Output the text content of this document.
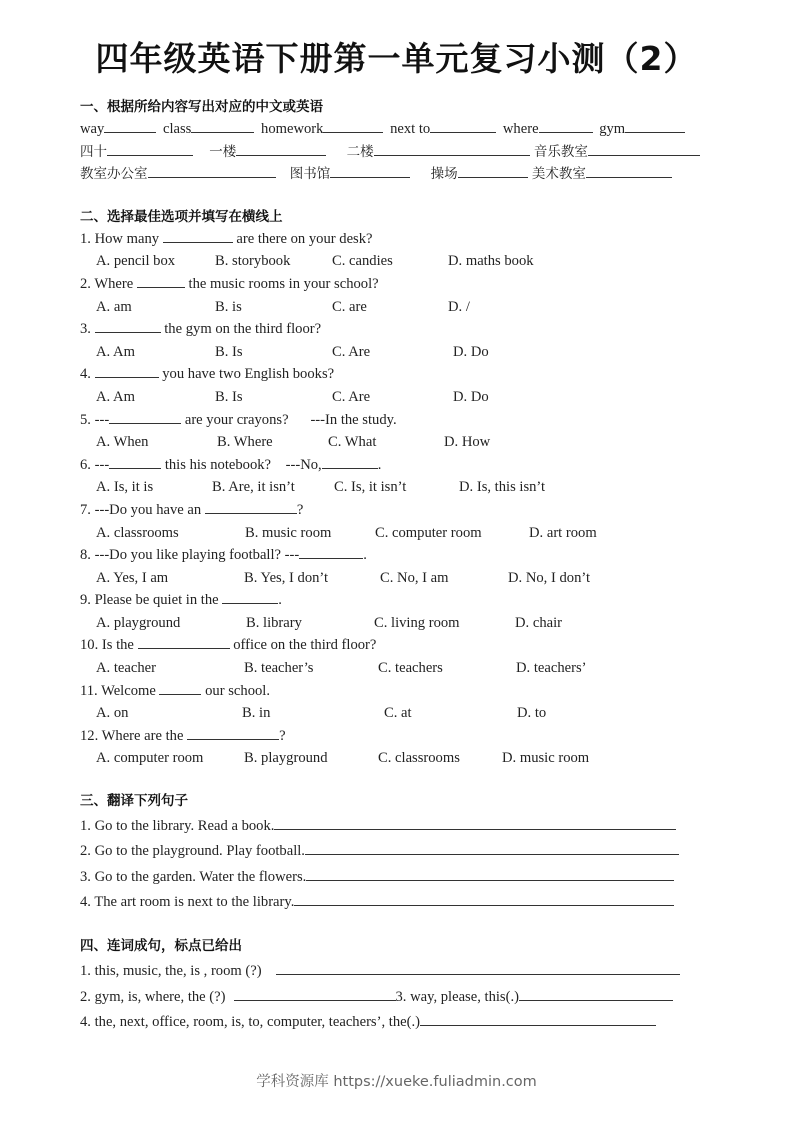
四年级英语下册第一单元复习小测（2）
一、根据所给内容写出对应的中文或英语
way	class	homework	next to	where	gym
四十	一楼	二楼	音乐教室
教室办公室	图书馆	操场	美术教室
二、选择最佳选项并填写在横线上
1. How many	are there on your desk?
A. pencil box	B. storybook	C. candies	D. maths book
2. Where	the music rooms in your school?
A. am	B. is	C. are	D. /
3.	the gym on the third floor?
A. Am	B. Is	C. Are	D. Do
4.	you have two English books?
A. Am	B. Is	C. Are	D. Do
5. ---	are your crayons?      ---In the study.
A. When	B. Where	C. What	D. How
6. ---	this his notebook?    ---No,	.
A. Is, it is	B. Are, it isn’t	C. Is, it isn’t	D. Is, this isn’t
7. ---Do you have an	?
A. classrooms	B. music room	C. computer room	D. art room
8. ---Do you like playing football? ---	.
A. Yes, I am	B. Yes, I don’t	C. No, I am	D. No, I don’t
9. Please be quiet in the	.
A. playground	B. library	C. living room	D. chair
10. Is the	office on the third floor?
A. teacher	B. teacher’s	C. teachers	D. teachers’
11. Welcome	our school.
A. on	B. in	C. at	D. to
12. Where are the	?
A. computer room	B. playground	C. classrooms	D. music room
三、翻译下列句子
1. Go to the library. Read a book.
2. Go to the playground. Play football.
3. Go to the garden. Water the flowers.
4. The art room is next to the library.
四、连词成句，标点已给出
1. this, music, the, is , room (?)
2. gym, is, where, the (?)	3. way, please, this(.)
4. the, next, office, room, is, to, computer, teachers’, the(.)
学科资源库 https://xueke.fuliadmin.com
